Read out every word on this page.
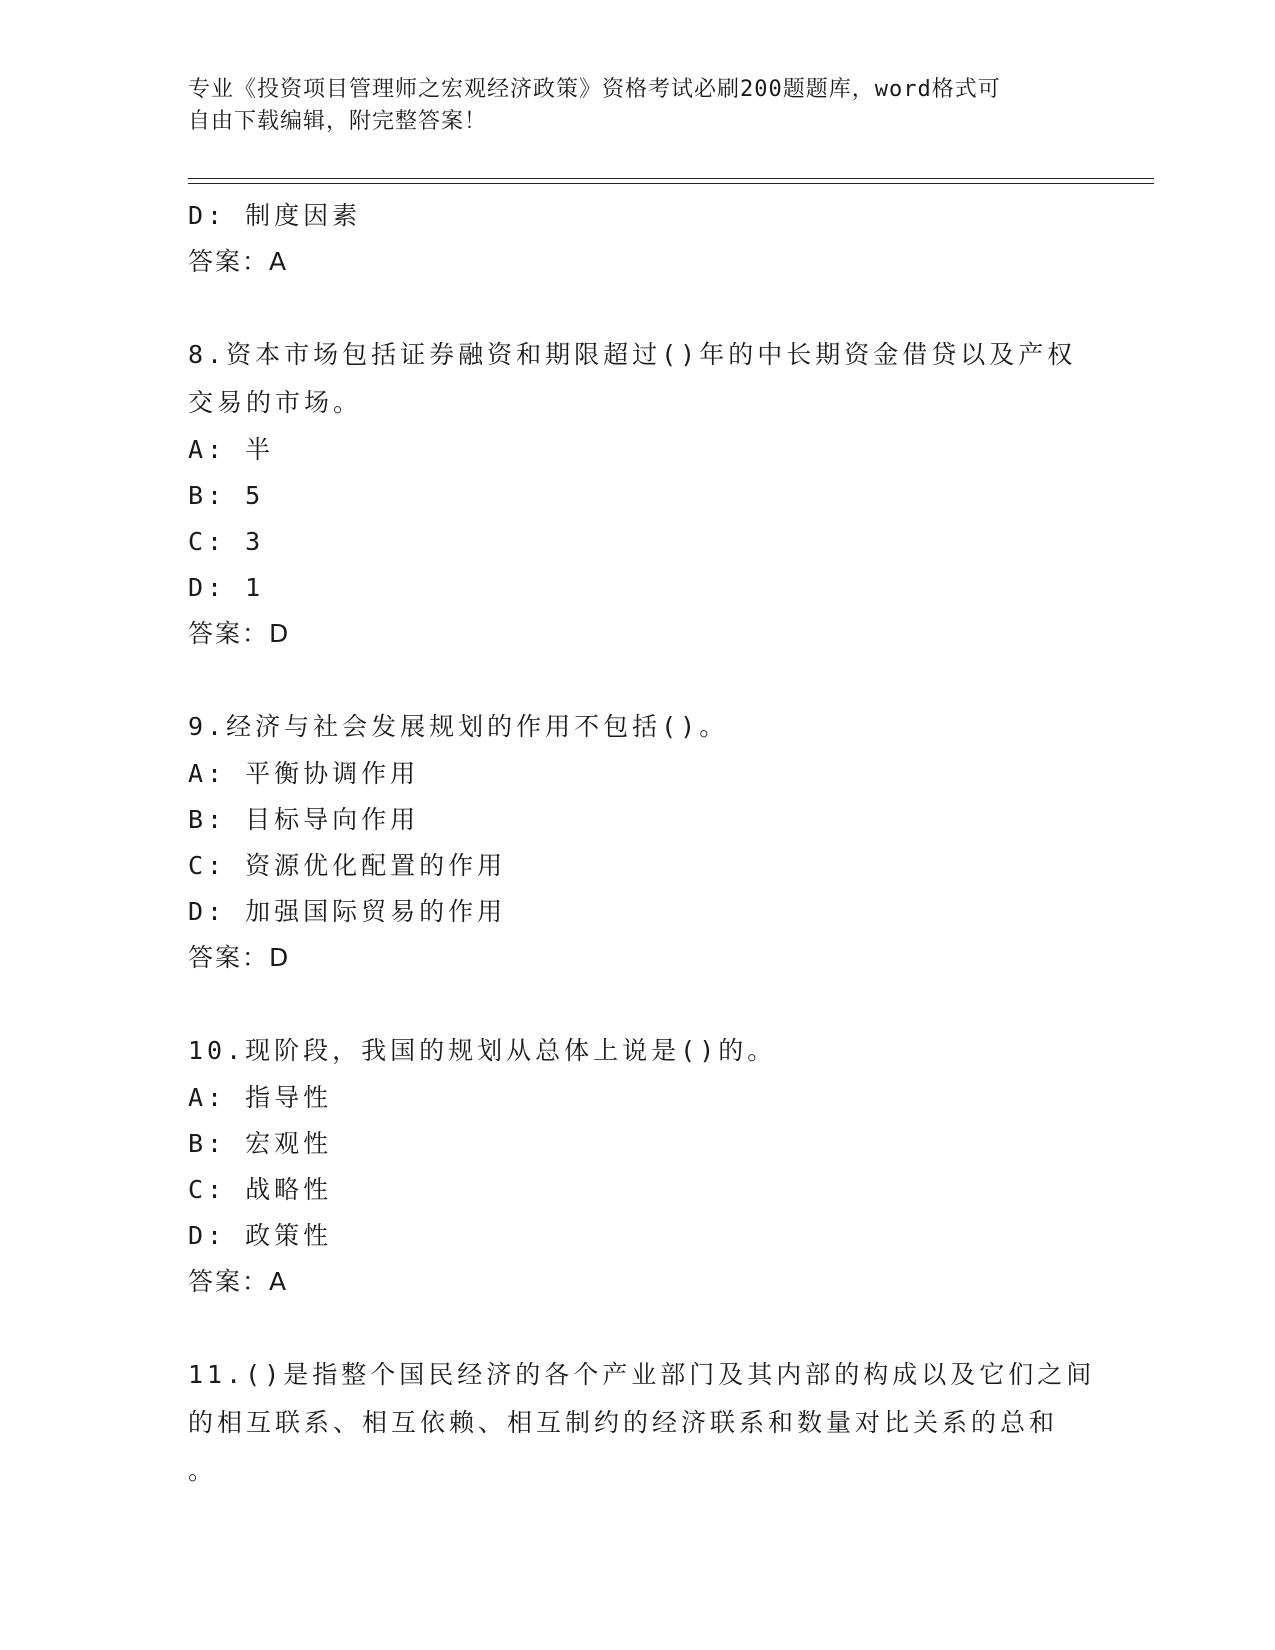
专业《投资项目管理师之宏观经济政策》资格考试必刷200题题库，word格式可
自由下载编辑，附完整答案！
D: 制度因素
答案：A
8.资本市场包括证券融资和期限超过()年的中长期资金借贷以及产权
交易的市场。
A: 半
B: 5
C: 3
D: 1
答案：D
9.经济与社会发展规划的作用不包括()。
A: 平衡协调作用
B: 目标导向作用
C: 资源优化配置的作用
D: 加强国际贸易的作用
答案：D
10.现阶段，我国的规划从总体上说是()的。
A: 指导性
B: 宏观性
C: 战略性
D: 政策性
答案：A
11.()是指整个国民经济的各个产业部门及其内部的构成以及它们之间
的相互联系、相互依赖、相互制约的经济联系和数量对比关系的总和
。
